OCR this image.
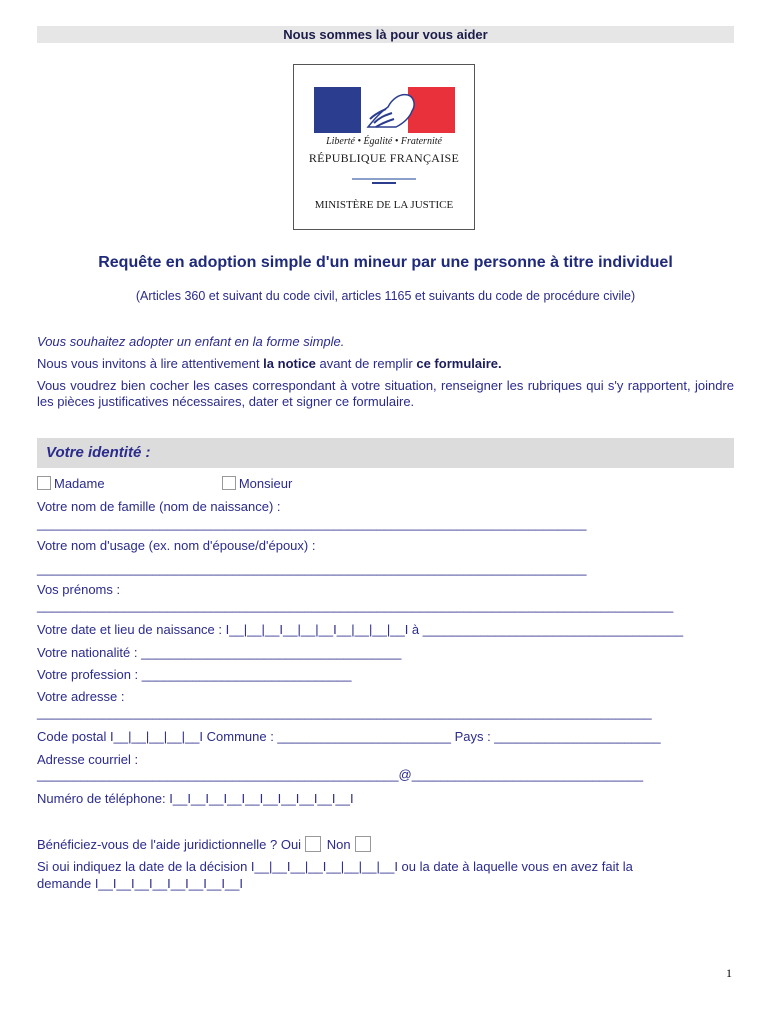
Nous sommes là pour vous aider
Liberté • Égalité • Fraternité
RÉPUBLIQUE FRANÇAISE
MINISTÈRE DE LA JUSTICE
Requête en adoption simple d'un mineur par une personne à titre individuel
(Articles 360 et suivant du code civil, articles 1165 et suivants du code de procédure civile)
Vous souhaitez adopter un enfant en la forme simple.
Nous vous invitons à lire attentivement la notice avant de remplir ce formulaire.
Vous voudrez bien cocher les cases correspondant à votre situation, renseigner les rubriques qui s'y rapportent, joindre les pièces justificatives nécessaires, dater et signer ce formulaire.
Votre identité :
Madame	Monsieur
Votre nom de famille (nom de naissance) :
____________________________________________________________________________
Votre nom d'usage (ex. nom d'épouse/d'époux) :
____________________________________________________________________________
Vos prénoms :
________________________________________________________________________________________
Votre date et lieu de naissance : I__|__|__I__|__|__I__|__|__|__I à ____________________________________
Votre nationalité : ____________________________________
Votre profession : _____________________________
Votre adresse :
_____________________________________________________________________________________
Code postal I__|__|__|__|__I Commune : ________________________ Pays : _______________________
Adresse courriel :
__________________________________________________@________________________________
Numéro de téléphone: I__I__I__I__I__I__I__I__I__I__I
Bénéficiez-vous de l'aide juridictionnelle ? Oui Non
Si oui indiquez la date de la décision I__|__I__|__I__|__|__|__I ou la date à laquelle vous en avez fait la
demande I__I__I__I__I__I__I__I__I
1
